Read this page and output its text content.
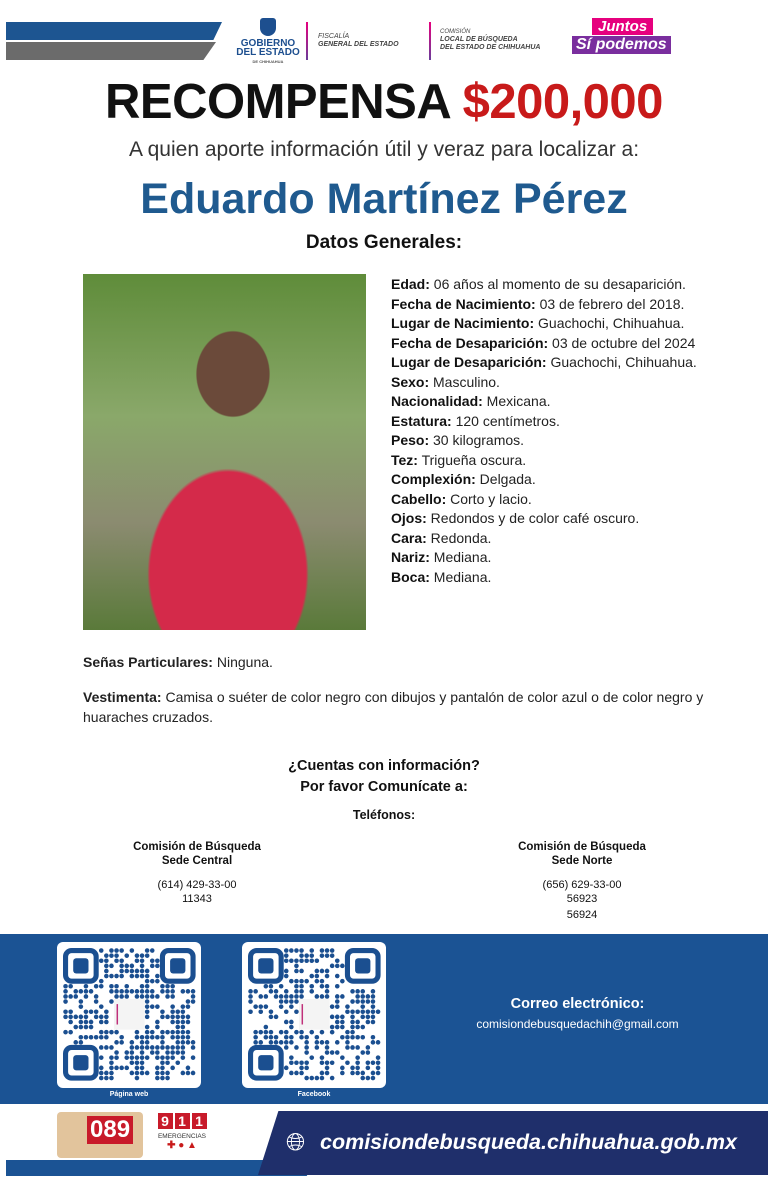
GOBIERNO
DEL ESTADO
DE CHIHUAHUA
FISCALÍA
GENERAL DEL ESTADO
COMISIÓN
LOCAL DE BÚSQUEDA
DEL ESTADO DE CHIHUAHUA
Juntos
Sí podemos
RECOMPENSA $200,000
A quien aporte información útil y veraz para localizar a:
Eduardo Martínez Pérez
Datos Generales:
Edad: 06 años al momento de su desaparición.
Fecha de Nacimiento: 03 de febrero del 2018.
Lugar de Nacimiento: Guachochi, Chihuahua.
Fecha de Desaparición: 03 de octubre del 2024
Lugar de Desaparición: Guachochi, Chihuahua.
Sexo: Masculino.
Nacionalidad: Mexicana.
Estatura: 120 centímetros.
Peso: 30 kilogramos.
Tez: Trigueña oscura.
Complexión: Delgada.
Cabello: Corto y lacio.
Ojos: Redondos y de color café oscuro.
Cara: Redonda.
Nariz: Mediana.
Boca: Mediana.
Señas Particulares: Ninguna.
Vestimenta: Camisa o suéter de color negro con dibujos y pantalón de color azul o de color negro y huaraches cruzados.
¿Cuentas con información?
Por favor Comunícate a:
Teléfonos:
Comisión de Búsqueda
Sede Central
(614) 429-33-00
11343
Comisión de Búsqueda
Sede Norte
(656) 629-33-00
56923
56924
Página web	Facebook
Correo electrónico:
comisiondebusquedachih@gmail.com
089 9 1 1
EMERGENCIAS
✚ ● ▲	🌐︎ comisiondebusqueda.chihuahua.gob.mx
